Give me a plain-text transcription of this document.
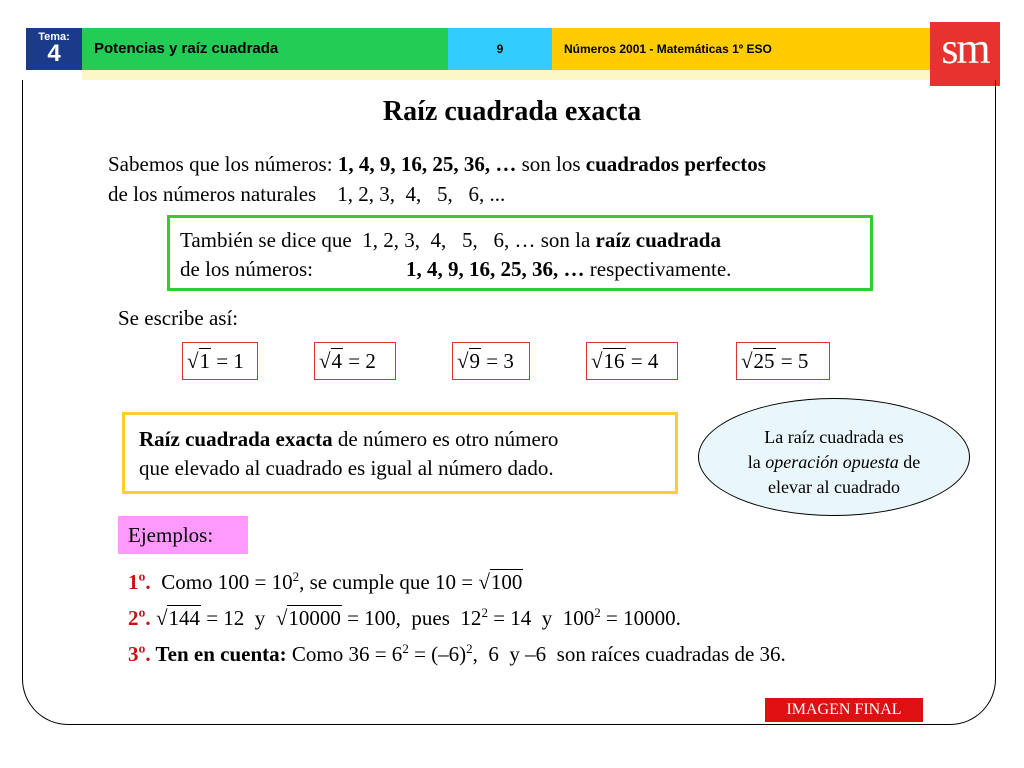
Tema:
4	Potencias y raíz cuadrada	9	Números 2001 - Matemáticas 1º ESO	sm
Raíz cuadrada exacta
Sabemos que los números: 1, 4, 9, 16, 25, 36, … son los cuadrados perfectos
de los números naturales    1, 2, 3,  4,   5,   6, ...
También se dice que  1, 2, 3,  4,   5,   6, … son la raíz cuadrada
de los números:	1, 4, 9, 16, 25, 36, … respectivamente.
Se escribe así:
√1 = 1	√4 = 2	√9 = 3	√16 = 4	√25 = 5
Raíz cuadrada exacta de número es otro número
que elevado al cuadrado es igual al número dado.
La raíz cuadrada es
la operación opuesta de
elevar al cuadrado
Ejemplos:
1º.  Como $100 = 10^2$, se cumple que 10 = √100
2º. √144 = 12  y  √10000 = 100,  pues  $12^2 = 14$  y  $100^2 = 10000$.
3º. Ten en cuenta: Como $36 = 6^2 = (-6)^2$,  6  y –6  son raíces cuadradas de 36.
IMAGEN FINAL
